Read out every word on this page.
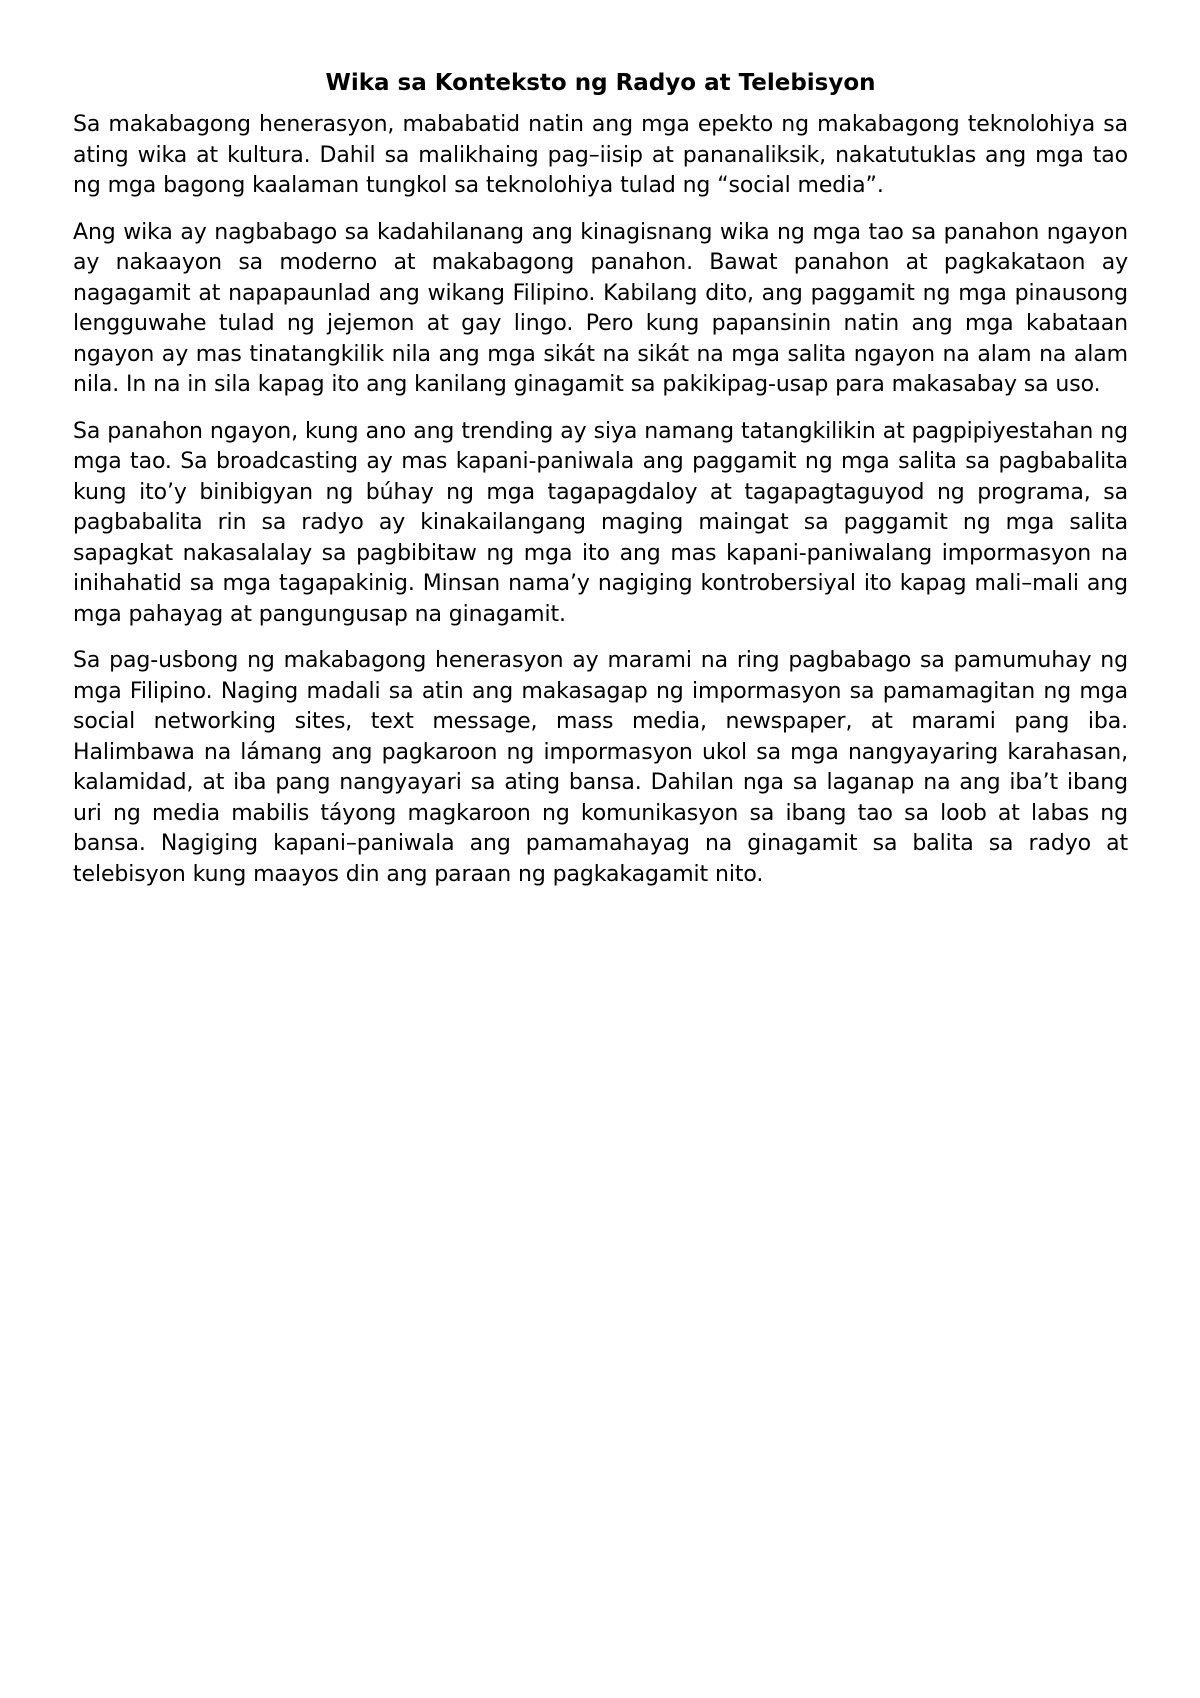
Wika sa Konteksto ng Radyo at Telebisyon

Sa makabagong henerasyon, mababatid natin ang mga epekto ng makabagong teknolohiya sa ating wika at kultura. Dahil sa malikhaing pag–iisip at pananaliksik, nakatutuklas ang mga tao ng mga bagong kaalaman tungkol sa teknolohiya tulad ng “social media”.

Ang wika ay nagbabago sa kadahilanang ang kinagisnang wika ng mga tao sa panahon ngayon ay nakaayon sa moderno at makabagong panahon. Bawat panahon at pagkakataon ay nagagamit at napapaunlad ang wikang Filipino. Kabilang dito, ang paggamit ng mga pinausong lengguwahe tulad ng jejemon at gay lingo. Pero kung papansinin natin ang mga kabataan ngayon ay mas tinatangkilik nila ang mga sikát na sikát na mga salita ngayon na alam na alam nila. In na in sila kapag ito ang kanilang ginagamit sa pakikipag-usap para makasabay sa uso.

Sa panahon ngayon, kung ano ang trending ay siya namang tatangkilikin at pagpipiyestahan ng mga tao. Sa broadcasting ay mas kapani-paniwala ang paggamit ng mga salita sa pagbabalita kung ito’y binibigyan ng búhay ng mga tagapagdaloy at tagapagtaguyod ng programa, sa pagbabalita rin sa radyo ay kinakailangang maging maingat sa paggamit ng mga salita sapagkat nakasalalay sa pagbibitaw ng mga ito ang mas kapani-paniwalang impormasyon na inihahatid sa mga tagapakinig. Minsan nama’y nagiging kontrobersiyal ito kapag mali–mali ang mga pahayag at pangungusap na ginagamit.

Sa pag-usbong ng makabagong henerasyon ay marami na ring pagbabago sa pamumuhay ng mga Filipino. Naging madali sa atin ang makasagap ng impormasyon sa pamamagitan ng mga social networking sites, text message, mass media, newspaper, at marami pang iba. Halimbawa na lámang ang pagkaroon ng impormasyon ukol sa mga nangyayaring karahasan, kalamidad, at iba pang nangyayari sa ating bansa. Dahilan nga sa laganap na ang iba’t ibang uri ng media mabilis táyong magkaroon ng komunikasyon sa ibang tao sa loob at labas ng bansa. Nagiging kapani–paniwala ang pamamahayag na ginagamit sa balita sa radyo at telebisyon kung maayos din ang paraan ng pagkakagamit nito.
